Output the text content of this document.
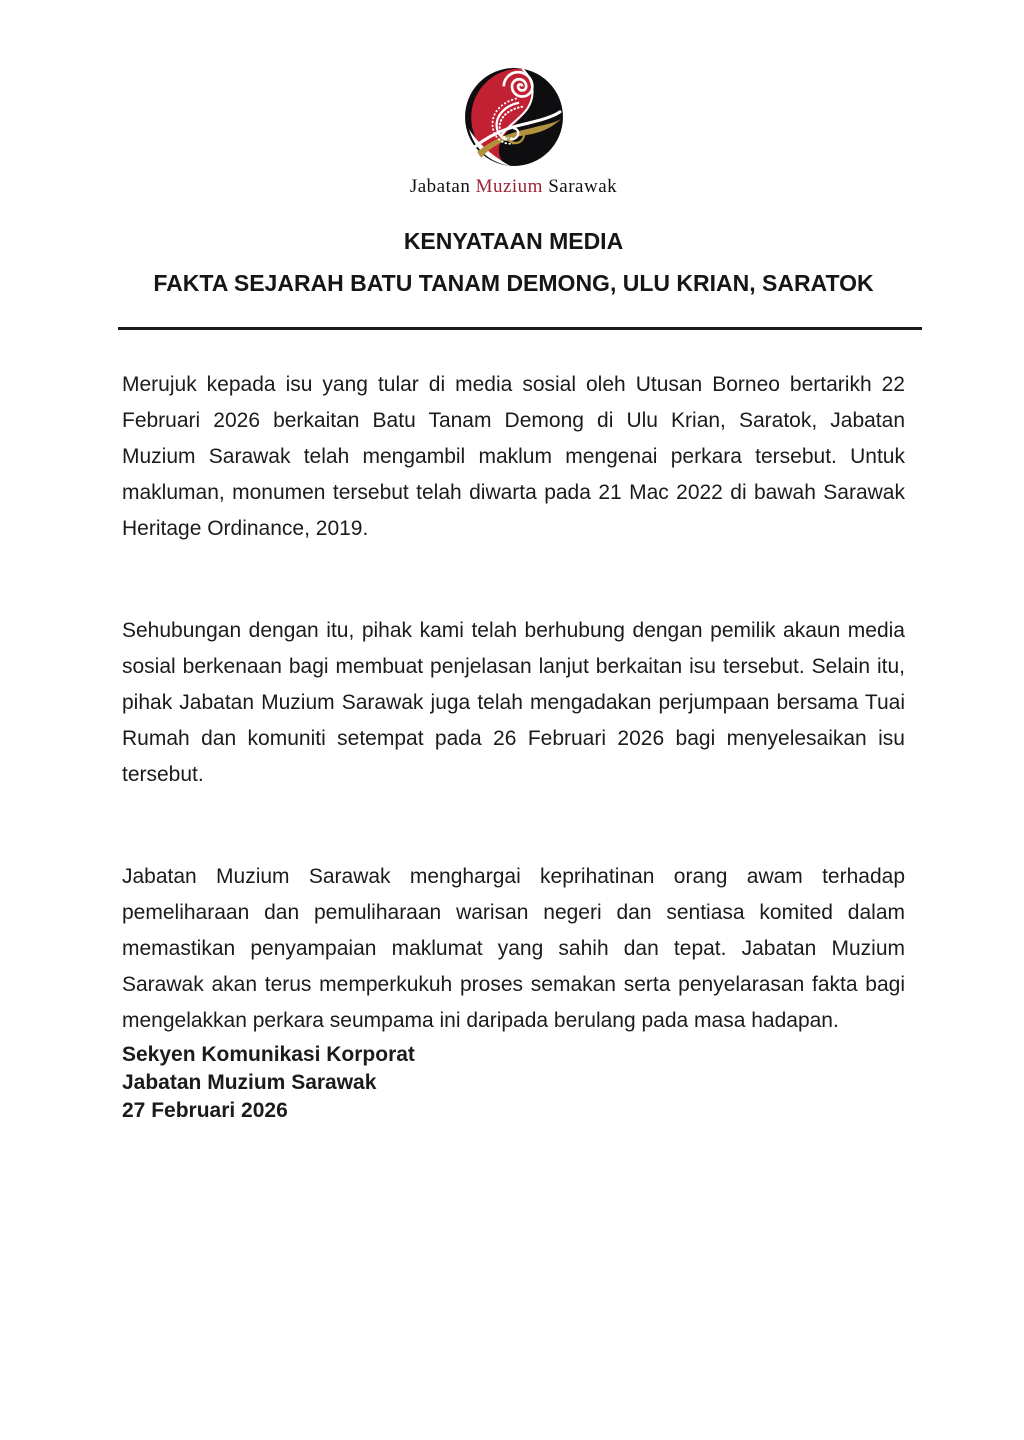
Jabatan Muzium Sarawak
KENYATAAN MEDIA
FAKTA SEJARAH BATU TANAM DEMONG, ULU KRIAN, SARATOK

Merujuk kepada isu yang tular di media sosial oleh Utusan Borneo bertarikh 22 Februari 2026 berkaitan Batu Tanam Demong di Ulu Krian, Saratok, Jabatan Muzium Sarawak telah mengambil maklum mengenai perkara tersebut. Untuk makluman, monumen tersebut telah diwarta pada 21 Mac 2022 di bawah Sarawak Heritage Ordinance, 2019.

Sehubungan dengan itu, pihak kami telah berhubung dengan pemilik akaun media sosial berkenaan bagi membuat penjelasan lanjut berkaitan isu tersebut. Selain itu, pihak Jabatan Muzium Sarawak juga telah mengadakan perjumpaan bersama Tuai Rumah dan komuniti setempat pada 26 Februari 2026 bagi menyelesaikan isu tersebut.

Jabatan Muzium Sarawak menghargai keprihatinan orang awam terhadap pemeliharaan dan pemuliharaan warisan negeri dan sentiasa komited dalam memastikan penyampaian maklumat yang sahih dan tepat. Jabatan Muzium Sarawak akan terus memperkukuh proses semakan serta penyelarasan fakta bagi mengelakkan perkara seumpama ini daripada berulang pada masa hadapan.

Sekyen Komunikasi Korporat
Jabatan Muzium Sarawak
27 Februari 2026
